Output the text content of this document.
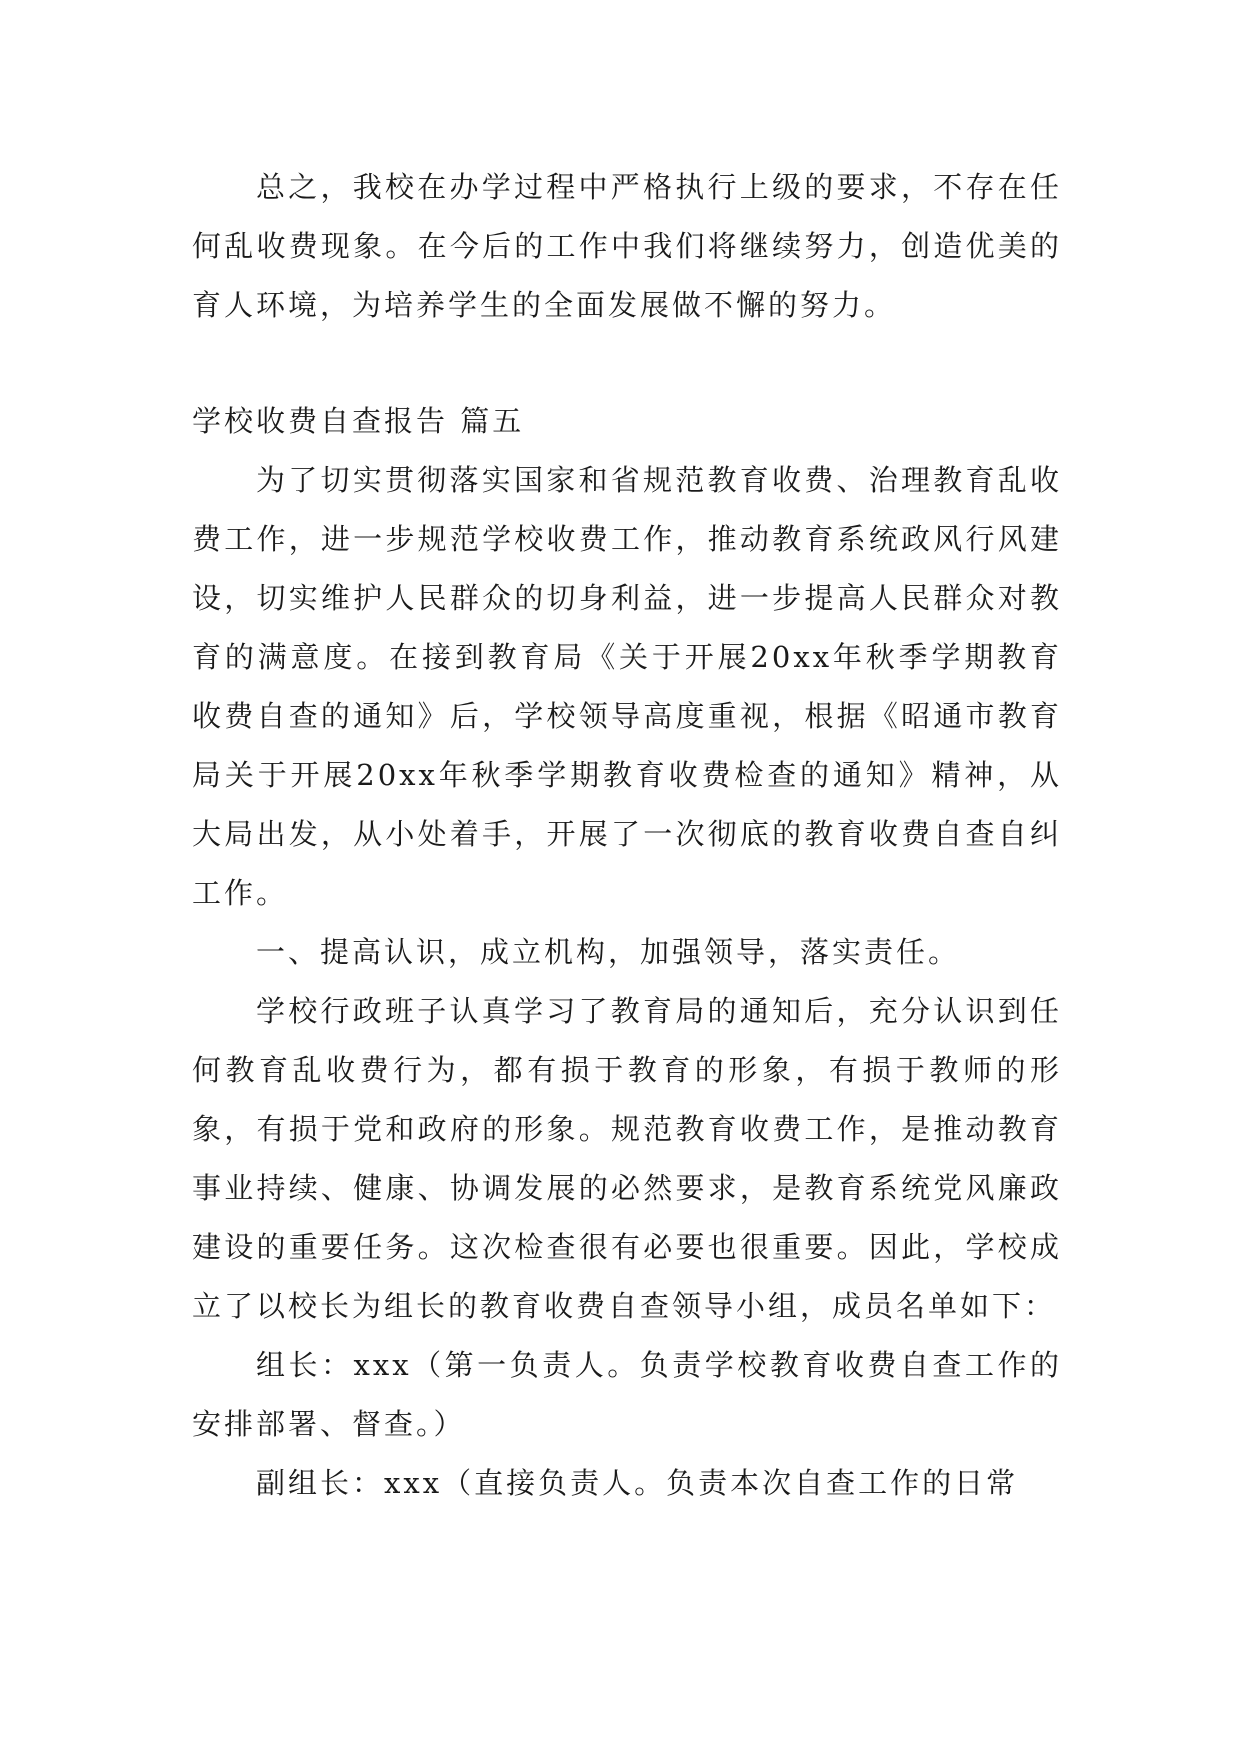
总之，我校在办学过程中严格执行上级的要求，不存在任何乱收费现象。在今后的工作中我们将继续努力，创造优美的育人环境，为培养学生的全面发展做不懈的努力。

学校收费自查报告 篇五

为了切实贯彻落实国家和省规范教育收费、治理教育乱收费工作，进一步规范学校收费工作，推动教育系统政风行风建设，切实维护人民群众的切身利益，进一步提高人民群众对教育的满意度。在接到教育局《关于开展20xx年秋季学期教育收费自查的通知》后，学校领导高度重视，根据《昭通市教育局关于开展20xx年秋季学期教育收费检查的通知》精神，从大局出发，从小处着手，开展了一次彻底的教育收费自查自纠工作。

一、提高认识，成立机构，加强领导，落实责任。

学校行政班子认真学习了教育局的通知后，充分认识到任何教育乱收费行为，都有损于教育的形象，有损于教师的形象，有损于党和政府的形象。规范教育收费工作，是推动教育事业持续、健康、协调发展的必然要求，是教育系统党风廉政建设的重要任务。这次检查很有必要也很重要。因此，学校成立了以校长为组长的教育收费自查领导小组，成员名单如下：

组长：xxx（第一负责人。负责学校教育收费自查工作的安排部署、督查。）

副组长：xxx（直接负责人。负责本次自查工作的日常
